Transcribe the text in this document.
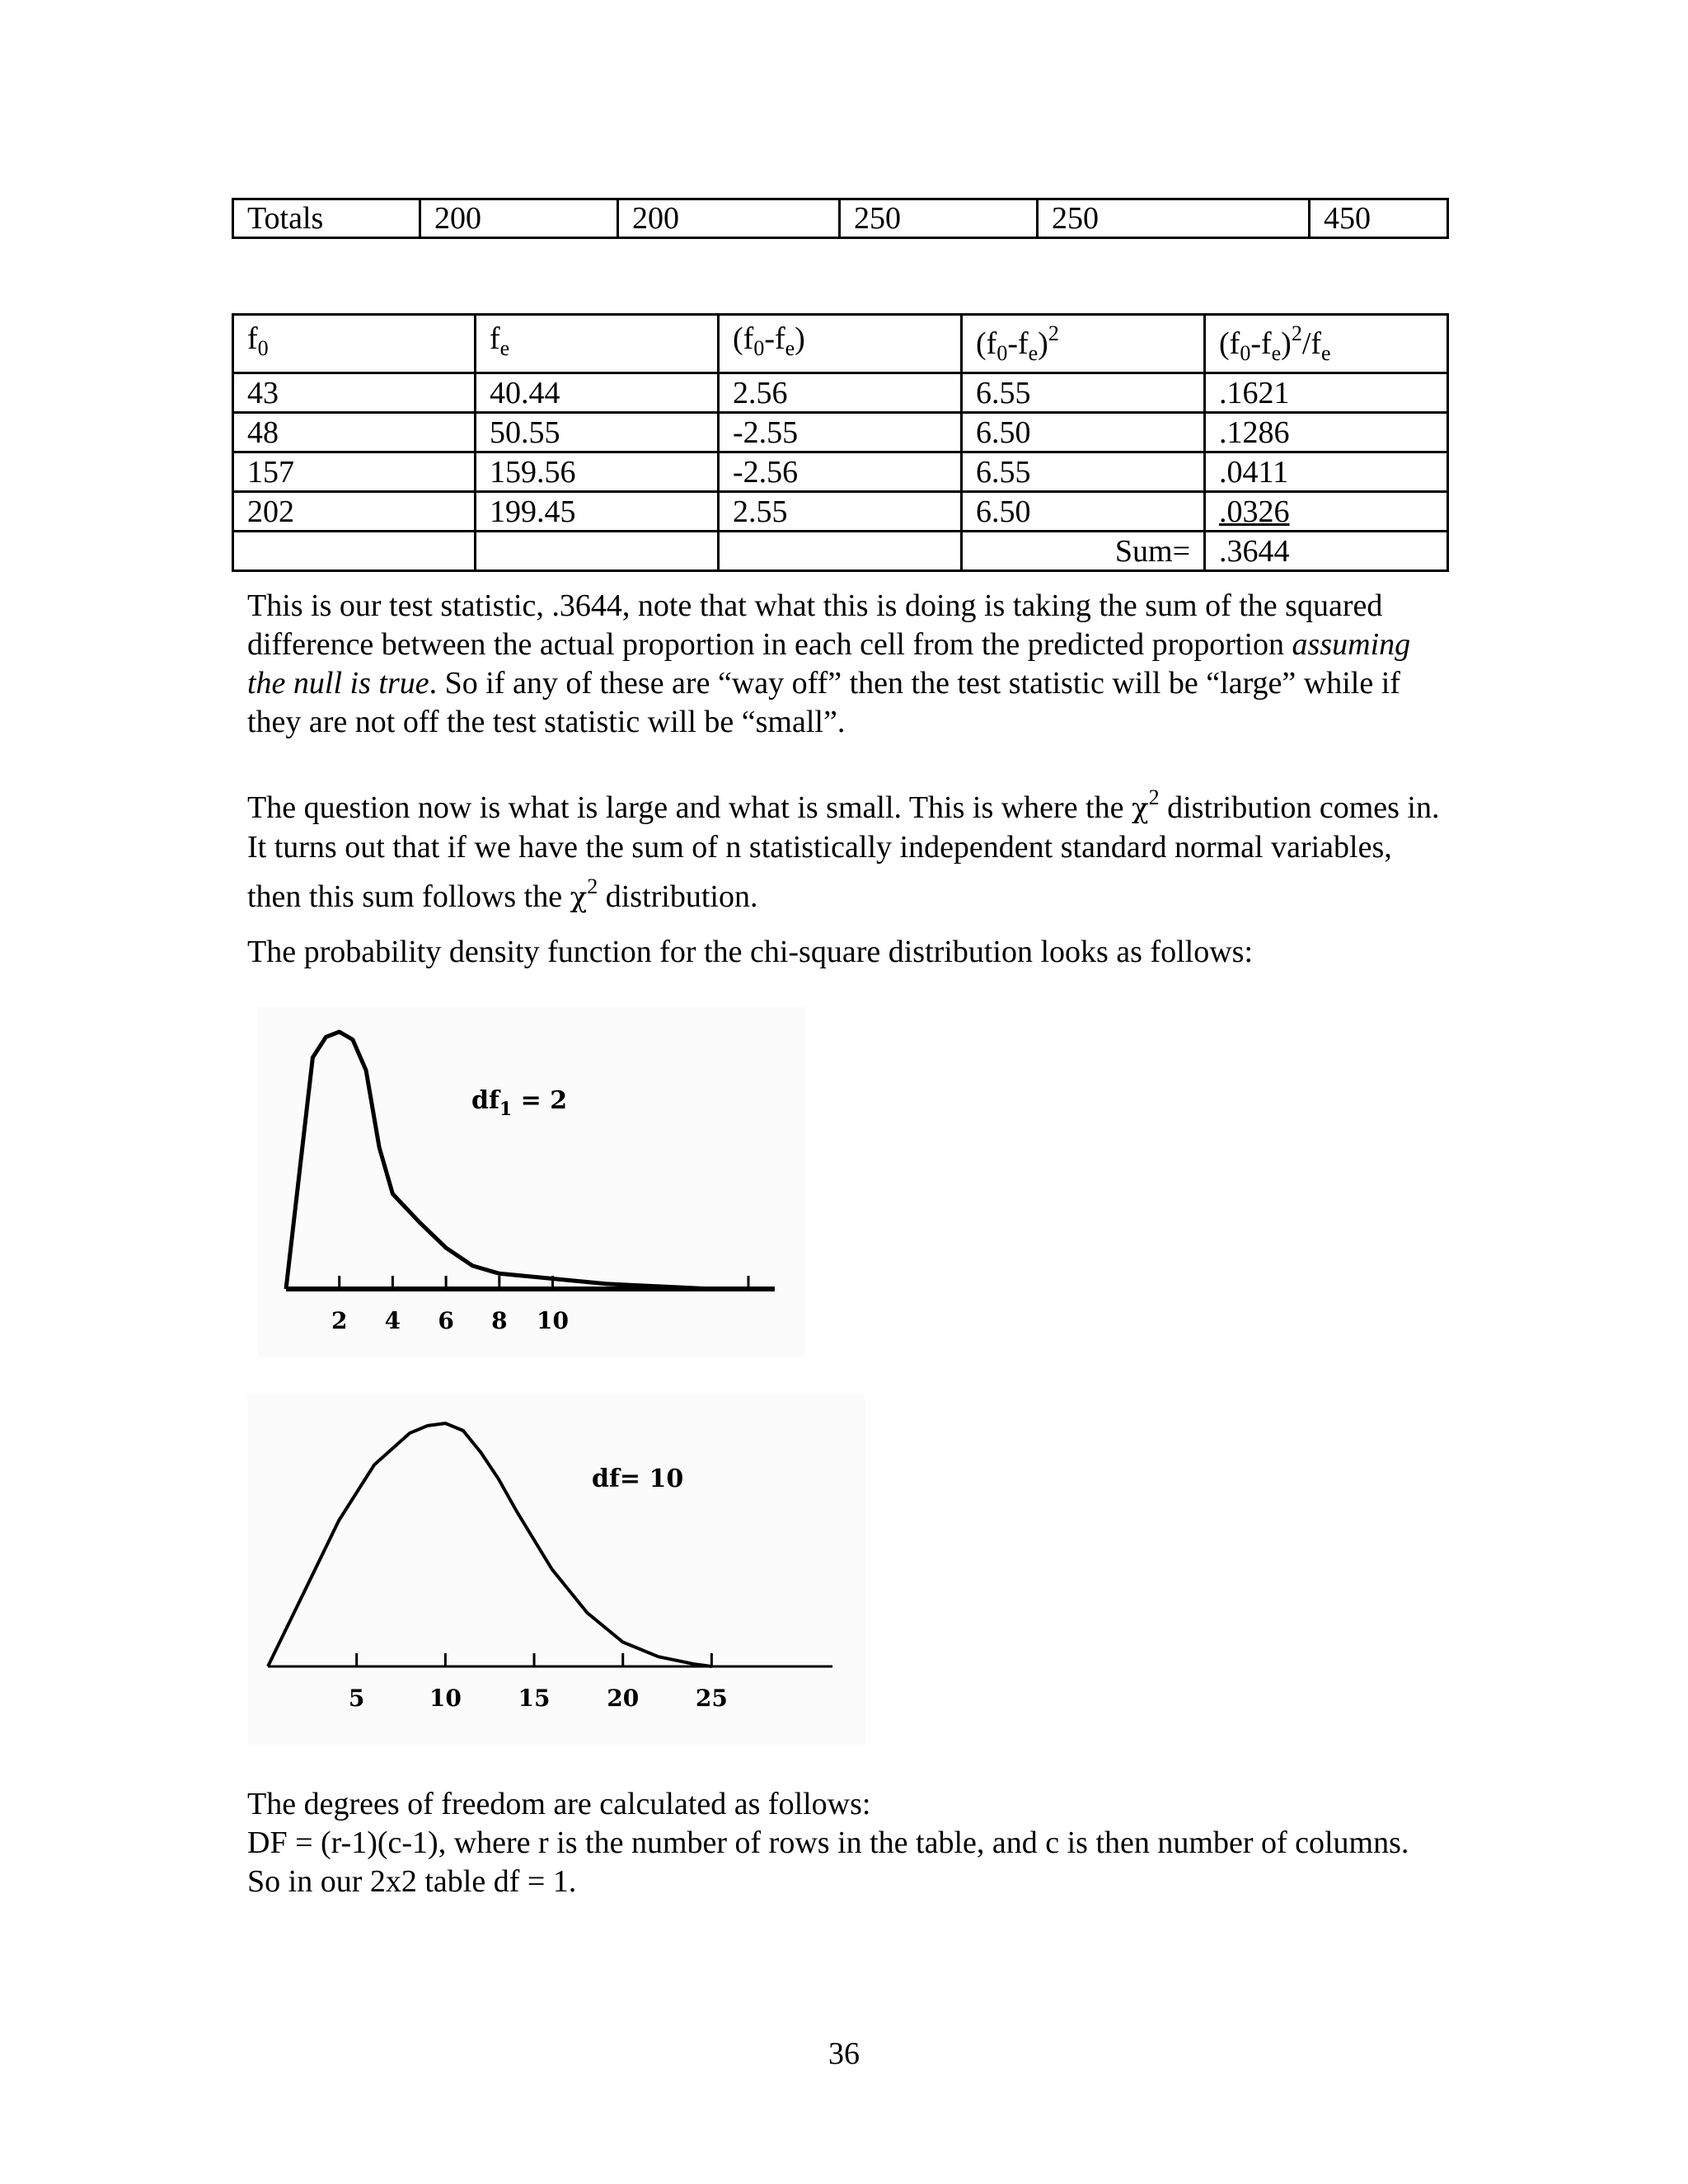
Totals	200	200	250	250	450
$f_0$	$f_e$	$(f_0-f_e)$	$(f_0-f_e)^2$	$(f_0-f_e)^2/f_e$
43	40.44	2.56	6.55	.1621
48	50.55	-2.55	6.50	.1286
157	159.56	-2.56	6.55	.0411
202	199.45	2.55	6.50	.0326
			Sum=	.3644

This is our test statistic, .3644, note that what this is doing is taking the sum of the squared difference between the actual proportion in each cell from the predicted proportion assuming the null is true. So if any of these are “way off” then the test statistic will be “large” while if they are not off the test statistic will be “small”.

The question now is what is large and what is small. This is where the $\chi^2$ distribution comes in. It turns out that if we have the sum of n statistically independent standard normal variables, then this sum follows the $\chi^2$ distribution.

The probability density function for the chi-square distribution looks as follows:

2 4 6 8 10
$df_1 = 2$
5	10 15 20 25
df= 10

The degrees of freedom are calculated as follows:
DF = (r-1)(c-1), where r is the number of rows in the table, and c is then number of columns.
So in our 2x2 table df = 1.

36
